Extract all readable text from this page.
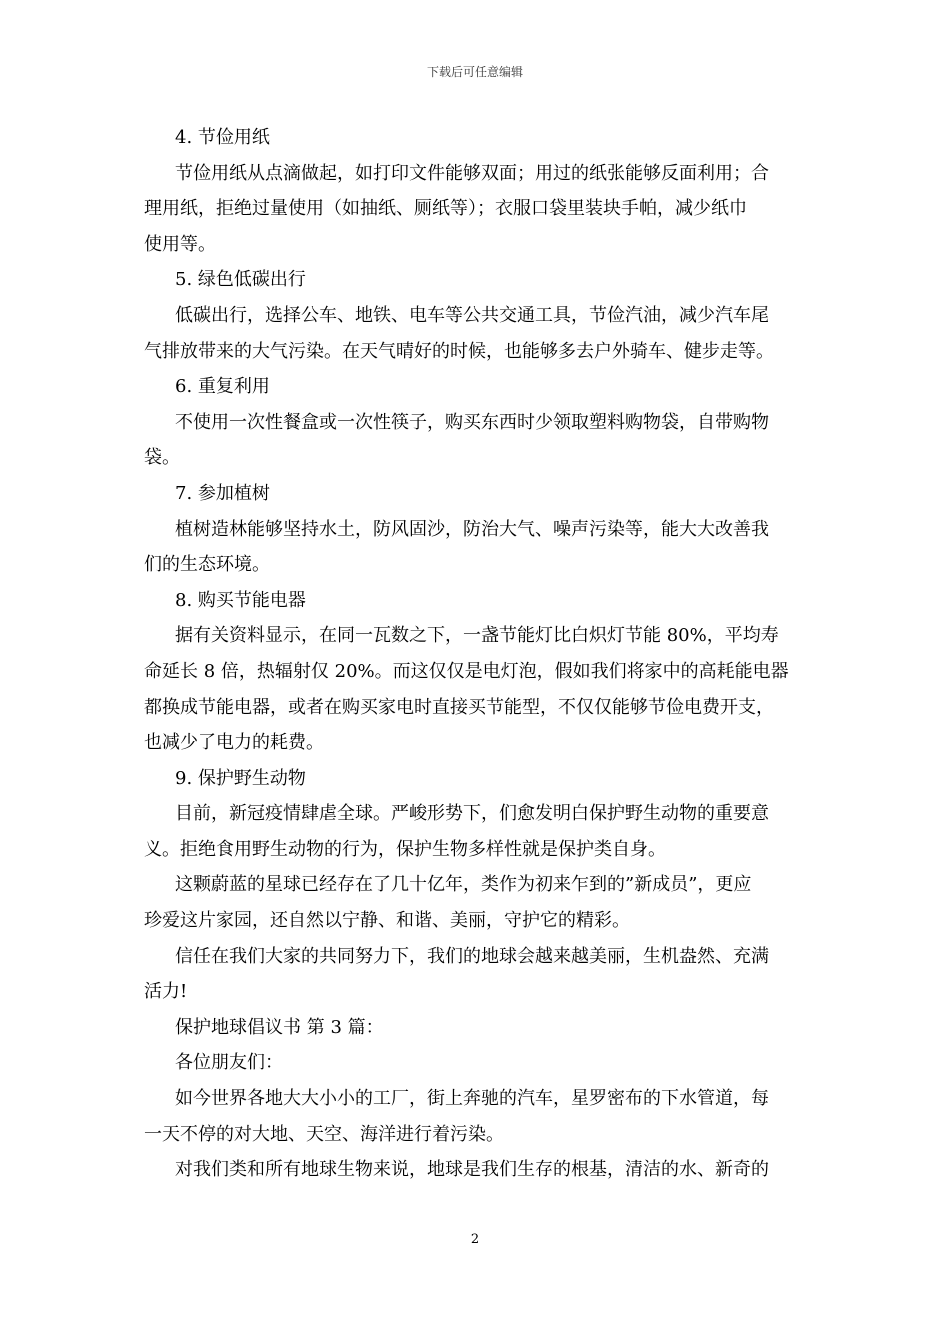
下载后可任意编辑
4. 节俭用纸
节俭用纸从点滴做起，如打印文件能够双面；用过的纸张能够反面利用；合
理用纸，拒绝过量使用（如抽纸、厕纸等）；衣服口袋里装块手帕，减少纸巾
使用等。
5. 绿色低碳出行
低碳出行，选择公车、地铁、电车等公共交通工具，节俭汽油，减少汽车尾
气排放带来的大气污染。在天气晴好的时候，也能够多去户外骑车、健步走等。
6. 重复利用
不使用一次性餐盒或一次性筷子，购买东西时少领取塑料购物袋，自带购物
袋。
7. 参加植树
植树造林能够坚持水土，防风固沙，防治大气、噪声污染等，能大大改善我
们的生态环境。
8. 购买节能电器
据有关资料显示，在同一瓦数之下，一盏节能灯比白炽灯节能 80%，平均寿
命延长 8 倍，热辐射仅 20%。而这仅仅是电灯泡，假如我们将家中的高耗能电器
都换成节能电器，或者在购买家电时直接买节能型，不仅仅能够节俭电费开支，
也减少了电力的耗费。
9. 保护野生动物
目前，新冠疫情肆虐全球。严峻形势下，们愈发明白保护野生动物的重要意
义。拒绝食用野生动物的行为，保护生物多样性就是保护类自身。
这颗蔚蓝的星球已经存在了几十亿年，类作为初来乍到的”新成员”，更应
珍爱这片家园，还自然以宁静、和谐、美丽，守护它的精彩。
信任在我们大家的共同努力下，我们的地球会越来越美丽，生机盎然、充满
活力!
保护地球倡议书 第 3 篇：
各位朋友们：
如今世界各地大大小小的工厂，街上奔驰的汽车，星罗密布的下水管道，每
一天不停的对大地、天空、海洋进行着污染。
对我们类和所有地球生物来说，地球是我们生存的根基，清洁的水、新奇的
2
